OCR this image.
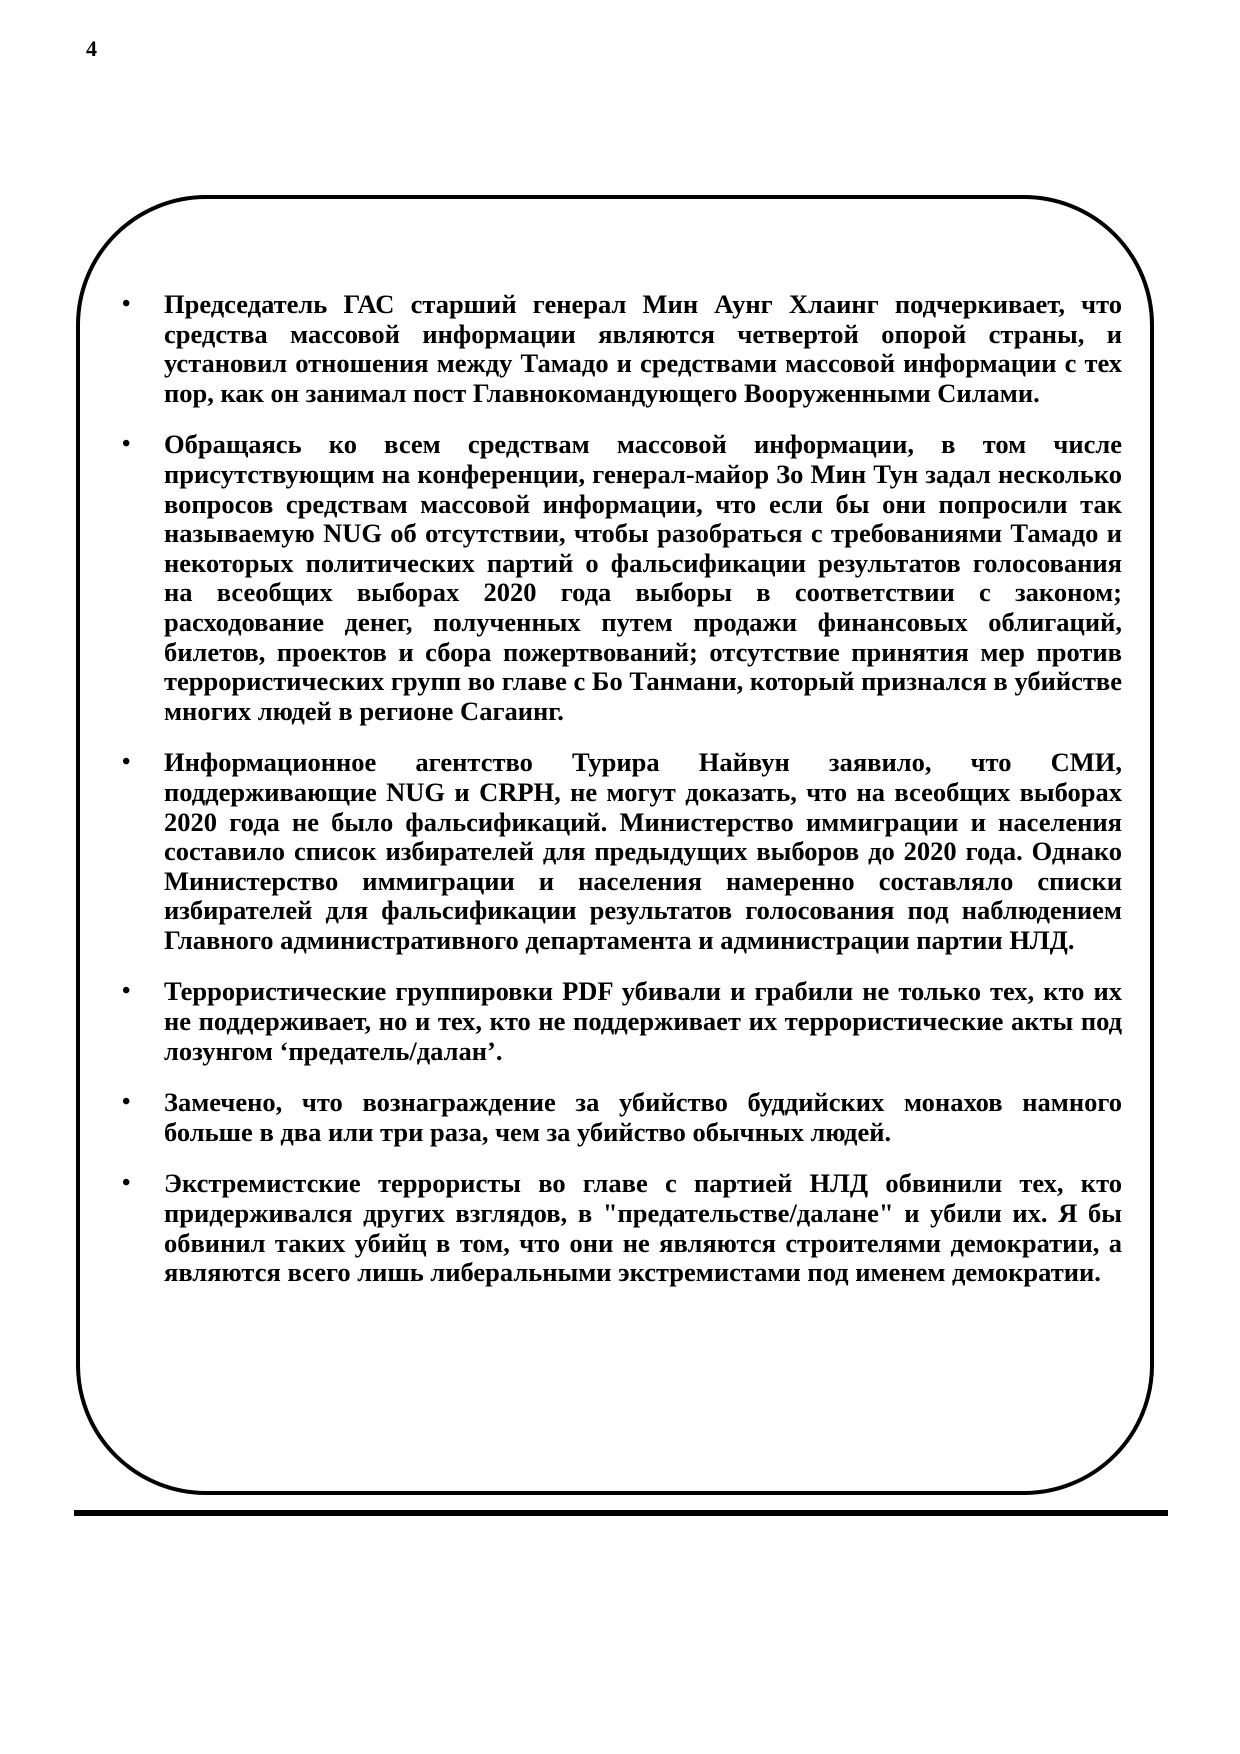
4
• Председатель ГАС старший генерал Мин Аунг Хлаинг подчеркивает, что средства массовой информации являются четвертой опорой страны, и установил отношения между Тамадо и средствами массовой информации с тех пор, как он занимал пост Главнокомандующего Вооруженными Силами.
• Обращаясь ко всем средствам массовой информации, в том числе присутствующим на конференции, генерал-майор Зо Мин Тун задал несколько вопросов средствам массовой информации, что если бы они попросили так называемую NUG об отсутствии, чтобы разобраться с требованиями Тамадо и некоторых политических партий о фальсификации результатов голосования на всеобщих выборах 2020 года выборы в соответствии с законом; расходование денег, полученных путем продажи финансовых облигаций, билетов, проектов и сбора пожертвований; отсутствие принятия мер против террористических групп во главе с Бо Танмани, который признался в убийстве многих людей в регионе Сагаинг.
• Информационное агентство Турира Найвун заявило, что СМИ, поддерживающие NUG и CRPH, не могут доказать, что на всеобщих выборах 2020 года не было фальсификаций. Министерство иммиграции и населения составило список избирателей для предыдущих выборов до 2020 года. Однако Министерство иммиграции и населения намеренно составляло списки избирателей для фальсификации результатов голосования под наблюдением Главного административного департамента и администрации партии НЛД.
• Террористические группировки PDF убивали и грабили не только тех, кто их не поддерживает, но и тех, кто не поддерживает их террористические акты под лозунгом ‘предатель/далан’.
• Замечено, что вознаграждение за убийство буддийских монахов намного больше в два или три раза, чем за убийство обычных людей.
• Экстремистские террористы во главе с партией НЛД обвинили тех, кто придерживался других взглядов, в "предательстве/далане" и убили их. Я бы обвинил таких убийц в том, что они не являются строителями демократии, а являются всего лишь либеральными экстремистами под именем демократии.
